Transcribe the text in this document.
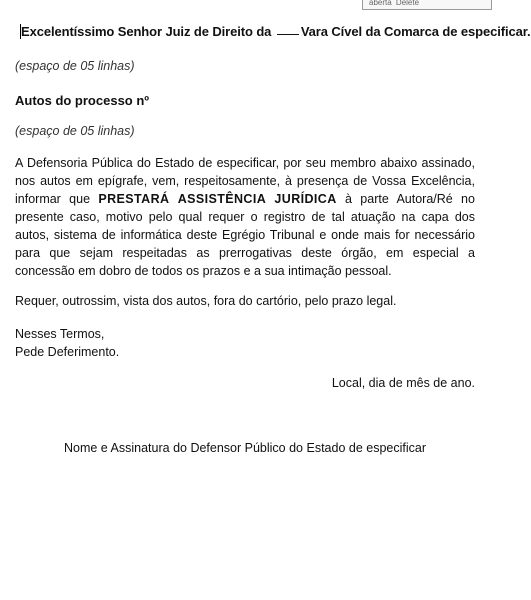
aberta Delete
Excelentíssimo Senhor Juiz de Direito da Vara Cível da Comarca de especificar.
(espaço de 05 linhas)
Autos do processo nº
(espaço de 05 linhas)
A Defensoria Pública do Estado de especificar, por seu membro abaixo assinado, nos autos em epígrafe, vem, respeitosamente, à presença de Vossa Excelência, informar que PRESTARÁ ASSISTÊNCIA JURÍDICA à parte Autora/Ré no presente caso, motivo pelo qual requer o registro de tal atuação na capa dos autos, sistema de informática deste Egrégio Tribunal e onde mais for necessário para que sejam respeitadas as prerrogativas deste órgão, em especial a concessão em dobro de todos os prazos e a sua intimação pessoal.
Requer, outrossim, vista dos autos, fora do cartório, pelo prazo legal.
Nesses Termos,
Pede Deferimento.
Local, dia de mês de ano.
Nome e Assinatura do Defensor Público do Estado de especificar
